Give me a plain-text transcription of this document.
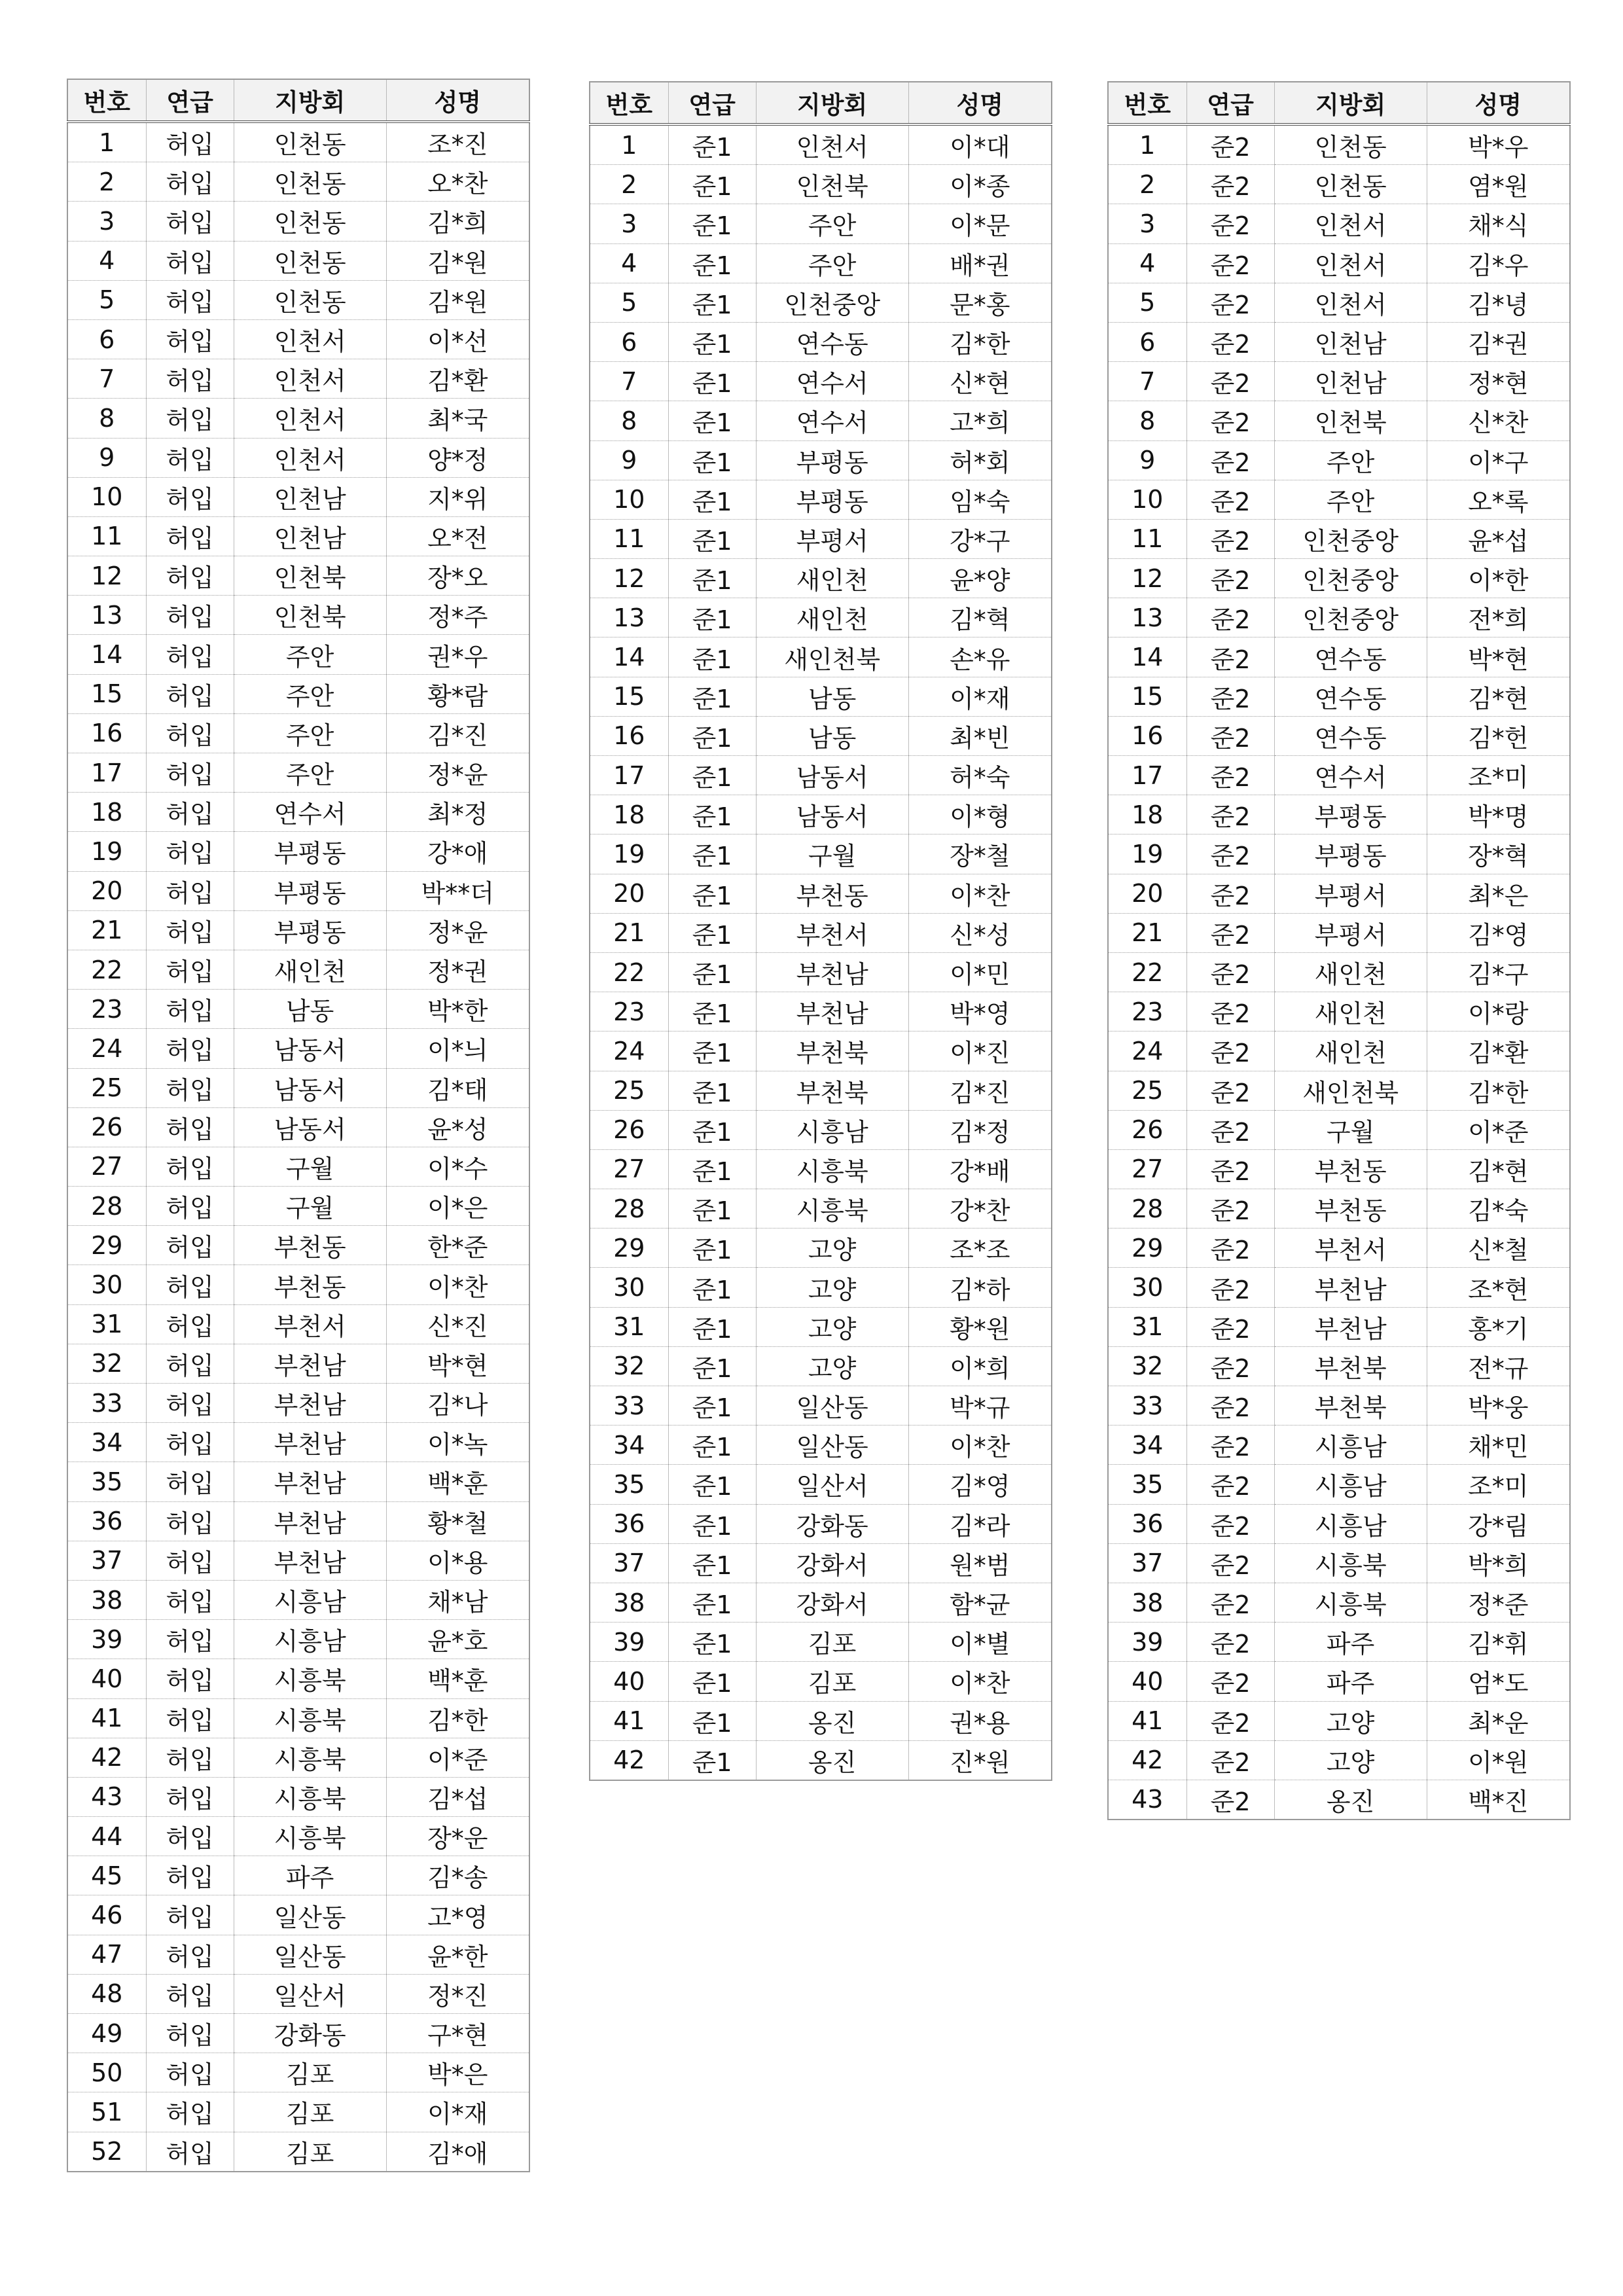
번호	연급	지방회	성명
1	허입	인천동	조*진
2	허입	인천동	오*찬
3	허입	인천동	김*희
4	허입	인천동	김*원
5	허입	인천동	김*원
6	허입	인천서	이*선
7	허입	인천서	김*환
8	허입	인천서	최*국
9	허입	인천서	양*정
10	허입	인천남	지*위
11	허입	인천남	오*전
12	허입	인천북	장*오
13	허입	인천북	정*주
14	허입	주안	권*우
15	허입	주안	황*람
16	허입	주안	김*진
17	허입	주안	정*윤
18	허입	연수서	최*정
19	허입	부평동	강*애
20	허입	부평동	박**더
21	허입	부평동	정*윤
22	허입	새인천	정*권
23	허입	남동	박*한
24	허입	남동서	이*늬
25	허입	남동서	김*태
26	허입	남동서	윤*성
27	허입	구월	이*수
28	허입	구월	이*은
29	허입	부천동	한*준
30	허입	부천동	이*찬
31	허입	부천서	신*진
32	허입	부천남	박*현
33	허입	부천남	김*나
34	허입	부천남	이*녹
35	허입	부천남	백*훈
36	허입	부천남	황*철
37	허입	부천남	이*용
38	허입	시흥남	채*남
39	허입	시흥남	윤*호
40	허입	시흥북	백*훈
41	허입	시흥북	김*한
42	허입	시흥북	이*준
43	허입	시흥북	김*섭
44	허입	시흥북	장*운
45	허입	파주	김*송
46	허입	일산동	고*영
47	허입	일산동	윤*한
48	허입	일산서	정*진
49	허입	강화동	구*현
50	허입	김포	박*은
51	허입	김포	이*재
52	허입	김포	김*애
번호	연급	지방회	성명
1	준1	인천서	이*대
2	준1	인천북	이*종
3	준1	주안	이*문
4	준1	주안	배*권
5	준1	인천중앙	문*홍
6	준1	연수동	김*한
7	준1	연수서	신*현
8	준1	연수서	고*희
9	준1	부평동	허*회
10	준1	부평동	임*숙
11	준1	부평서	강*구
12	준1	새인천	윤*양
13	준1	새인천	김*혁
14	준1	새인천북	손*유
15	준1	남동	이*재
16	준1	남동	최*빈
17	준1	남동서	허*숙
18	준1	남동서	이*형
19	준1	구월	장*철
20	준1	부천동	이*찬
21	준1	부천서	신*성
22	준1	부천남	이*민
23	준1	부천남	박*영
24	준1	부천북	이*진
25	준1	부천북	김*진
26	준1	시흥남	김*정
27	준1	시흥북	강*배
28	준1	시흥북	강*찬
29	준1	고양	조*조
30	준1	고양	김*하
31	준1	고양	황*원
32	준1	고양	이*희
33	준1	일산동	박*규
34	준1	일산동	이*찬
35	준1	일산서	김*영
36	준1	강화동	김*라
37	준1	강화서	원*범
38	준1	강화서	함*균
39	준1	김포	이*별
40	준1	김포	이*찬
41	준1	옹진	권*용
42	준1	옹진	진*원
번호	연급	지방회	성명
1	준2	인천동	박*우
2	준2	인천동	염*원
3	준2	인천서	채*식
4	준2	인천서	김*우
5	준2	인천서	김*녕
6	준2	인천남	김*권
7	준2	인천남	정*현
8	준2	인천북	신*찬
9	준2	주안	이*구
10	준2	주안	오*록
11	준2	인천중앙	윤*섭
12	준2	인천중앙	이*한
13	준2	인천중앙	전*희
14	준2	연수동	박*현
15	준2	연수동	김*현
16	준2	연수동	김*헌
17	준2	연수서	조*미
18	준2	부평동	박*명
19	준2	부평동	장*혁
20	준2	부평서	최*은
21	준2	부평서	김*영
22	준2	새인천	김*구
23	준2	새인천	이*랑
24	준2	새인천	김*환
25	준2	새인천북	김*한
26	준2	구월	이*준
27	준2	부천동	김*현
28	준2	부천동	김*숙
29	준2	부천서	신*철
30	준2	부천남	조*현
31	준2	부천남	홍*기
32	준2	부천북	전*규
33	준2	부천북	박*웅
34	준2	시흥남	채*민
35	준2	시흥남	조*미
36	준2	시흥남	강*림
37	준2	시흥북	박*희
38	준2	시흥북	정*준
39	준2	파주	김*휘
40	준2	파주	엄*도
41	준2	고양	최*운
42	준2	고양	이*원
43	준2	옹진	백*진
